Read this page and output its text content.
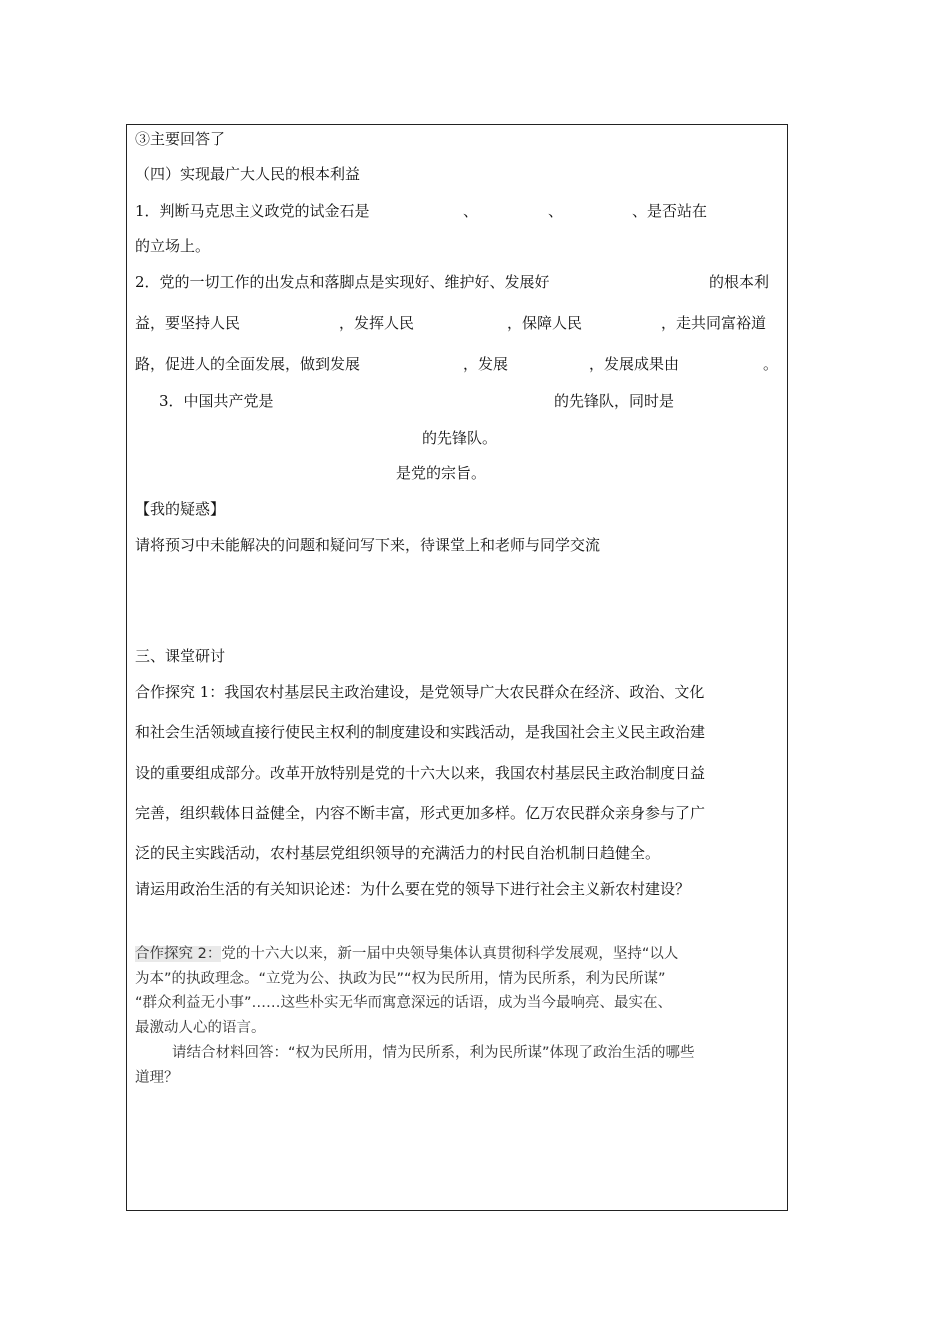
③主要回答了
（四）实现最广大人民的根本利益
1．判断马克思主义政党的试金石是	、	、	、是否站在
的立场上。
2．党的一切工作的出发点和落脚点是实现好、维护好、发展好	的根本利
益，要坚持人民	，发挥人民	，保障人民	，走共同富裕道
路，促进人的全面发展，做到发展	，发展	，发展成果由	。
3．中国共产党是	的先锋队，同时是
的先锋队。
是党的宗旨。
【我的疑惑】
请将预习中未能解决的问题和疑问写下来，待课堂上和老师与同学交流
三、课堂研讨
合作探究 1：我国农村基层民主政治建设，是党领导广大农民群众在经济、政治、文化
和社会生活领域直接行使民主权利的制度建设和实践活动，是我国社会主义民主政治建
设的重要组成部分。改革开放特别是党的十六大以来，我国农村基层民主政治制度日益
完善，组织载体日益健全，内容不断丰富，形式更加多样。亿万农民群众亲身参与了广
泛的民主实践活动，农村基层党组织领导的充满活力的村民自治机制日趋健全。
请运用政治生活的有关知识论述：为什么要在党的领导下进行社会主义新农村建设？
合作探究 2：党的十六大以来，新一届中央领导集体认真贯彻科学发展观，坚持“以人
为本”的执政理念。“立党为公、执政为民”“权为民所用，情为民所系，利为民所谋”
“群众利益无小事”……这些朴实无华而寓意深远的话语，成为当今最响亮、最实在、
最激动人心的语言。
请结合材料回答：“权为民所用，情为民所系，利为民所谋”体现了政治生活的哪些
道理？
